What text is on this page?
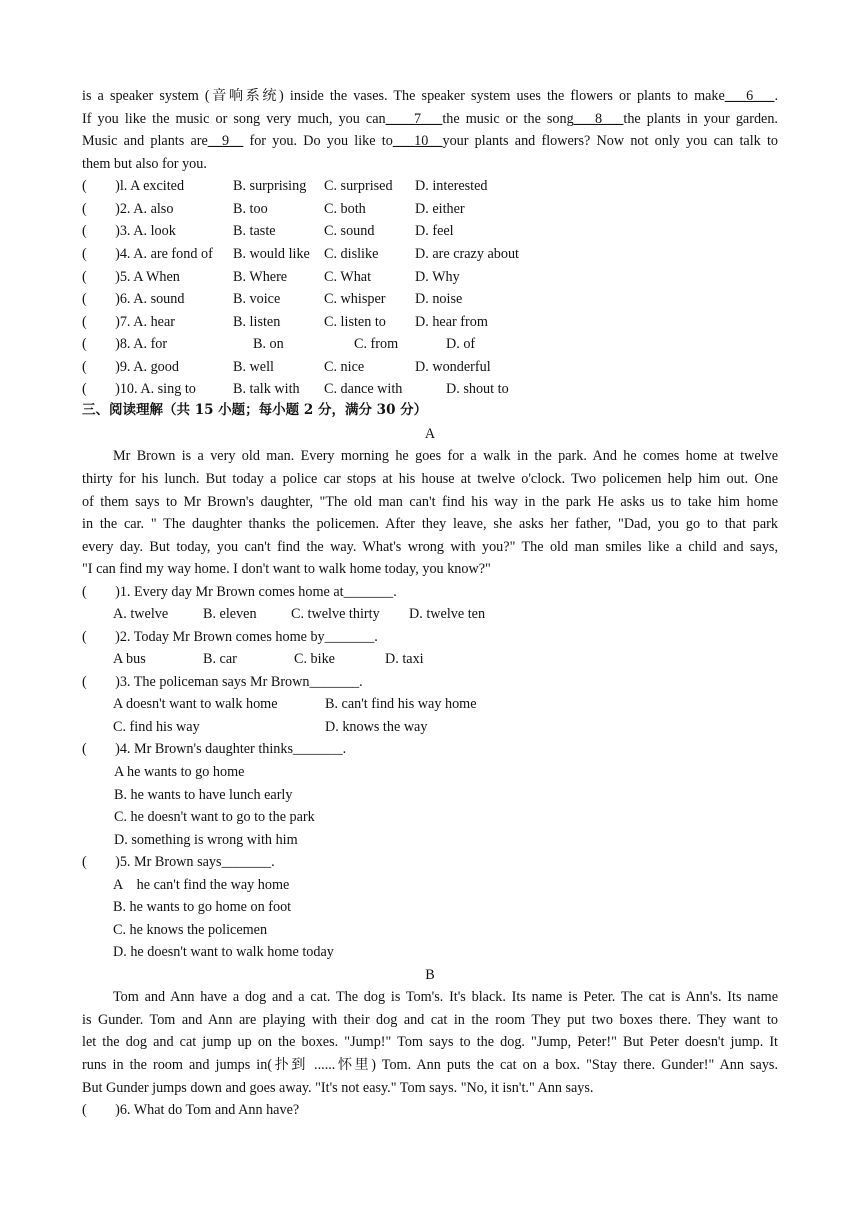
is a speaker system (音响系统) inside the vases. The speaker system uses the flowers or plants to make___6___.
If you like the music or song very much, you can____7___the music or the song___8___the plants in your garden.
Music and plants are__9__ for you. Do you like to___10__your plants and flowers? Now not only you can talk to
them but also for you.
(        )l. A excited	B. surprising C. surprised D. interested
(        )2. A. also	B. too	C. both	D. either
(        )3. A. look	B. taste	C. sound	D. feel
(        )4. A. are fond of B. would like C. dislike	D. are crazy about
(        )5. A When	B. Where	C. What	D. Why
(        )6. A. sound	B. voice	C. whisper D. noise
(        )7. A. hear	B. listen	C. listen to D. hear from
(        )8. A. for	B. on	C. from	D. of
(        )9. A. good	B. well	C. nice	D. wonderful
(        )10. A. sing to	B. talk with C. dance with	D. shout to
三、阅读理解（共 15 小题；每小题 2 分，满分 30 分）
A
Mr Brown is a very old man. Every morning he goes for a walk in the park. And he comes home at twelve
thirty for his lunch. But today a police car stops at his house at twelve o'clock. Two policemen help him out. One
of them says to Mr Brown's daughter, "The old man can't find his way in the park He asks us to take him home
in the car. " The daughter thanks the policemen. After they leave, she asks her father, "Dad, you go to that park
every day. But today, you can't find the way. What's wrong with you?" The old man smiles like a child and says,
"I can find my way home. I don't want to walk home today, you know?"
(        )1. Every day Mr Brown comes home at_______.
A. twelve B. eleven C. twelve thirty D. twelve ten
(        )2. Today Mr Brown comes home by_______.
A bus	B. car	C. bike	D. taxi
(        )3. The policeman says Mr Brown_______.
A doesn't want to walk home	B. can't find his way home
C. find his way	D. knows the way
(        )4. Mr Brown's daughter thinks_______.
A he wants to go home
B. he wants to have lunch early
C. he doesn't want to go to the park
D. something is wrong with him
(        )5. Mr Brown says_______.
A    he can't find the way home
B. he wants to go home on foot
C. he knows the policemen
D. he doesn't want to walk home today
B
Tom and Ann have a dog and a cat. The dog is Tom's. It's black. Its name is Peter. The cat is Ann's. Its name
is Gunder. Tom and Ann are playing with their dog and cat in the room They put two boxes there. They want to
let the dog and cat jump up on the boxes. "Jump!" Tom says to the dog. "Jump, Peter!" But Peter doesn't jump. It
runs in the room and jumps in(扑到 ......怀里) Tom. Ann puts the cat on a box. "Stay there. Gunder!" Ann says.
But Gunder jumps down and goes away. "It's not easy." Tom says. "No, it isn't." Ann says.
(        )6. What do Tom and Ann have?
